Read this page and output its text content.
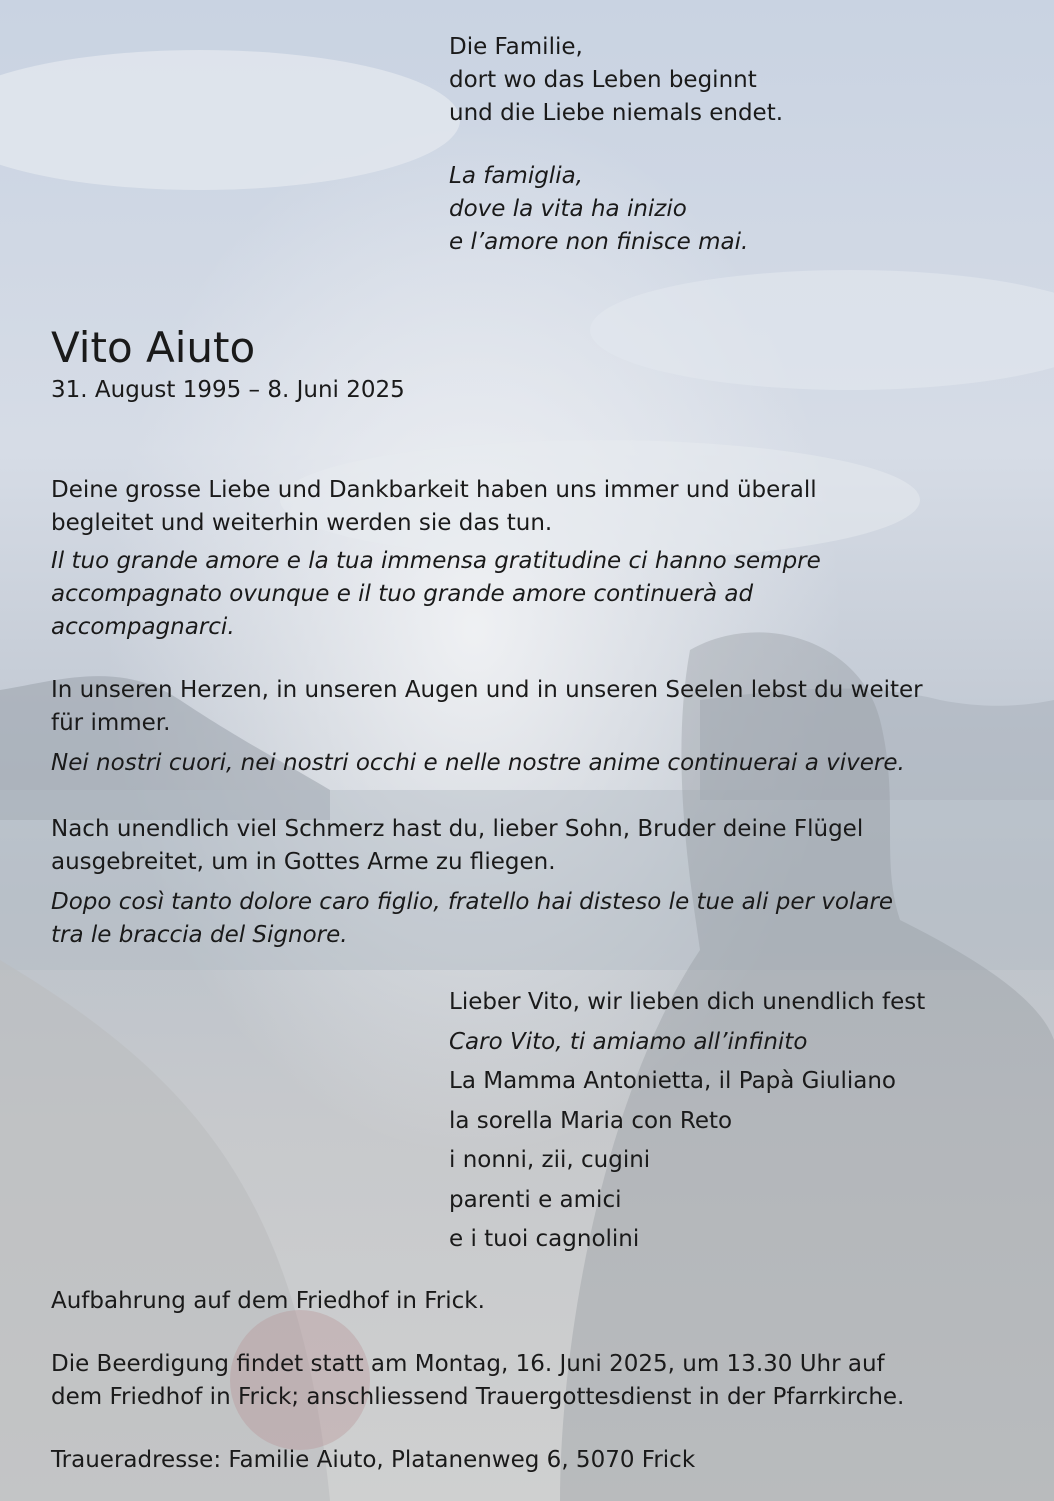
Die Familie,
dort wo das Leben beginnt
und die Liebe niemals endet.
La famiglia,
dove la vita ha inizio
e l’amore non finisce mai.
Vito Aiuto
31. August 1995 – 8. Juni 2025
Deine grosse Liebe und Dankbarkeit haben uns immer und überall
begleitet und weiterhin werden sie das tun.
Il tuo grande amore e la tua immensa gratitudine ci hanno sempre
accompagnato ovunque e il tuo grande amore continuerà ad
accompagnarci.
In unseren Herzen, in unseren Augen und in unseren Seelen lebst du weiter
für immer.
Nei nostri cuori, nei nostri occhi e nelle nostre anime continuerai a vivere.
Nach unendlich viel Schmerz hast du, lieber Sohn, Bruder deine Flügel
ausgebreitet, um in Gottes Arme zu fliegen.
Dopo così tanto dolore caro figlio, fratello hai disteso le tue ali per volare
tra le braccia del Signore.
Lieber Vito, wir lieben dich unendlich fest
Caro Vito, ti amiamo all’infinito
La Mamma Antonietta, il Papà Giuliano
la sorella Maria con Reto
i nonni, zii, cugini
parenti e amici
e i tuoi cagnolini
Aufbahrung auf dem Friedhof in Frick.
Die Beerdigung findet statt am Montag, 16. Juni 2025, um 13.30 Uhr auf
dem Friedhof in Frick; anschliessend Trauergottesdienst in der Pfarrkirche.
Traueradresse: Familie Aiuto, Platanenweg 6, 5070 Frick
